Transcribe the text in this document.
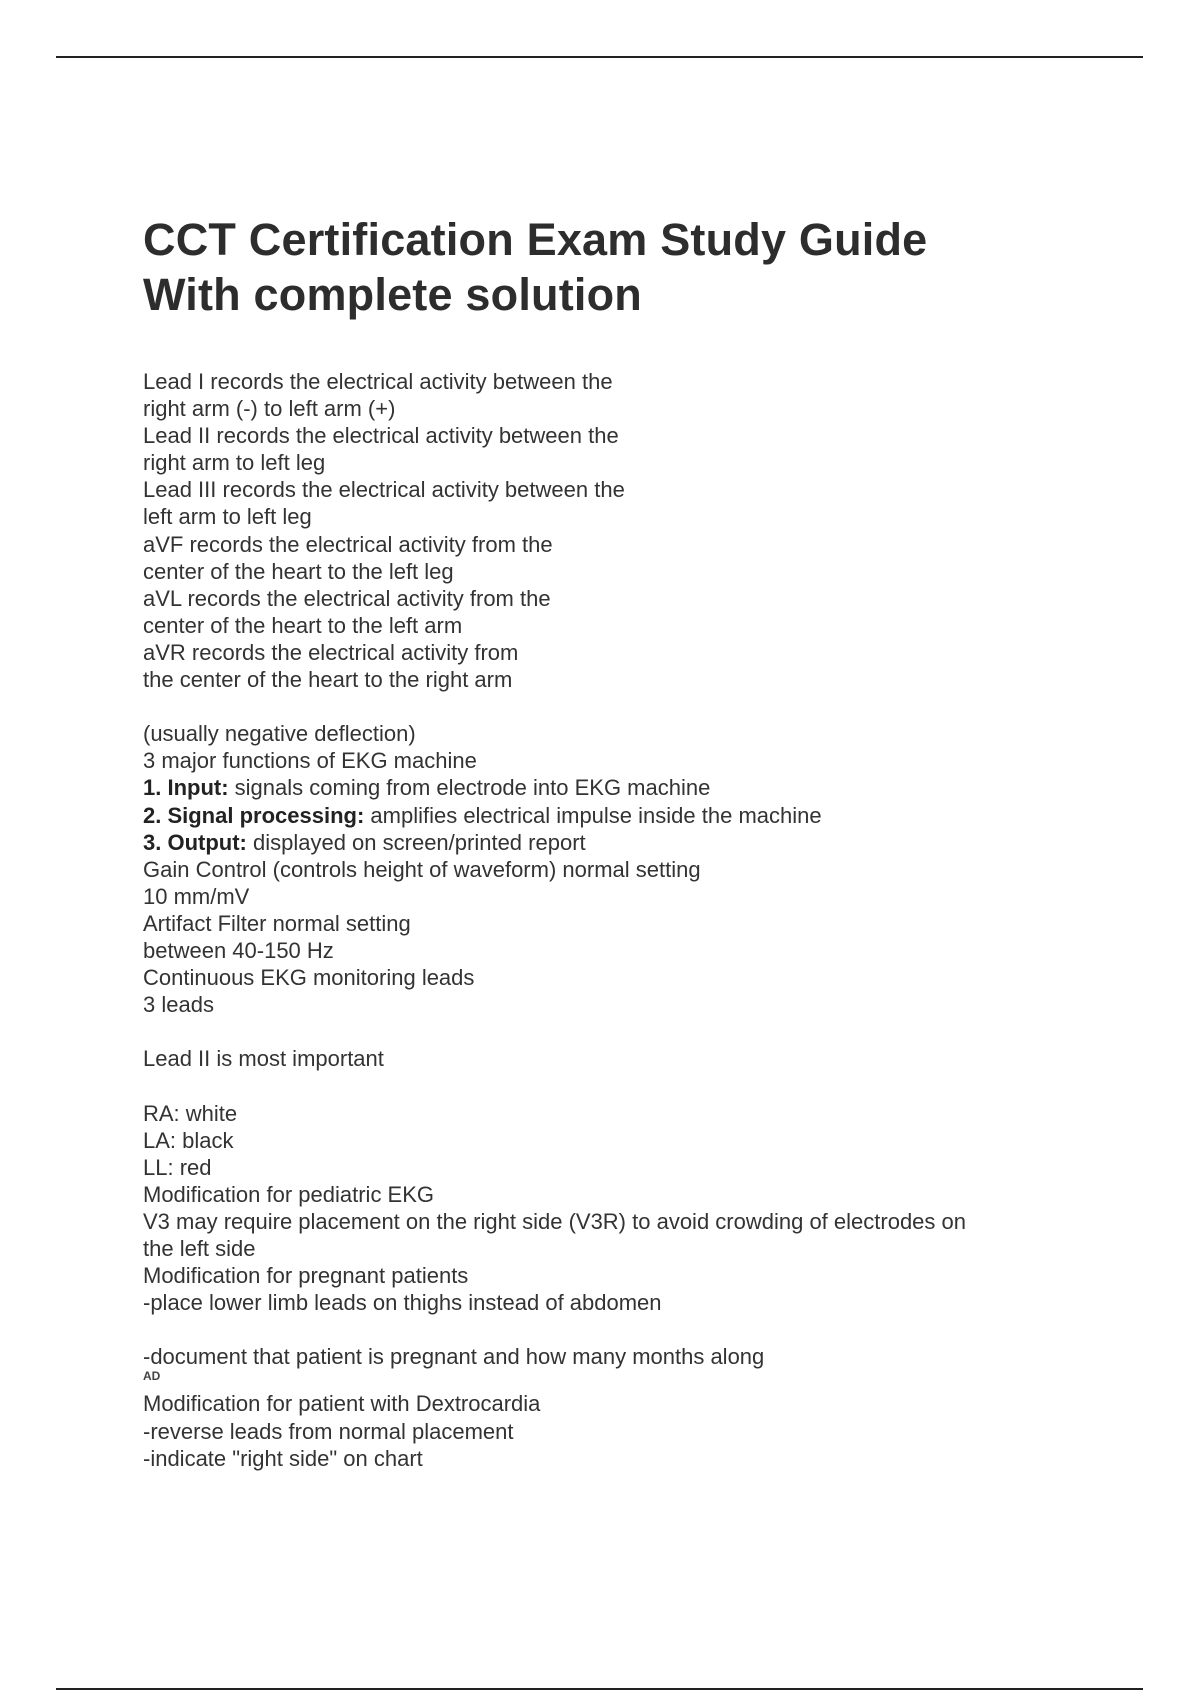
CCT Certification Exam Study Guide
With complete solution
Lead I records the electrical activity between the
right arm (-) to left arm (+)
Lead II records the electrical activity between the
right arm to left leg
Lead III records the electrical activity between the
left arm to left leg
aVF records the electrical activity from the
center of the heart to the left leg
aVL records the electrical activity from the
center of the heart to the left arm
aVR records the electrical activity from
the center of the heart to the right arm
(usually negative deflection)
3 major functions of EKG machine
1. Input: signals coming from electrode into EKG machine
2. Signal processing: amplifies electrical impulse inside the machine
3. Output: displayed on screen/printed report
Gain Control (controls height of waveform) normal setting
10 mm/mV
Artifact Filter normal setting
between 40-150 Hz
Continuous EKG monitoring leads
3 leads
Lead II is most important
RA: white
LA: black
LL: red
Modification for pediatric EKG
V3 may require placement on the right side (V3R) to avoid crowding of electrodes on
the left side
Modification for pregnant patients
-place lower limb leads on thighs instead of abdomen
-document that patient is pregnant and how many months along
AD
Modification for patient with Dextrocardia
-reverse leads from normal placement
-indicate "right side" on chart
